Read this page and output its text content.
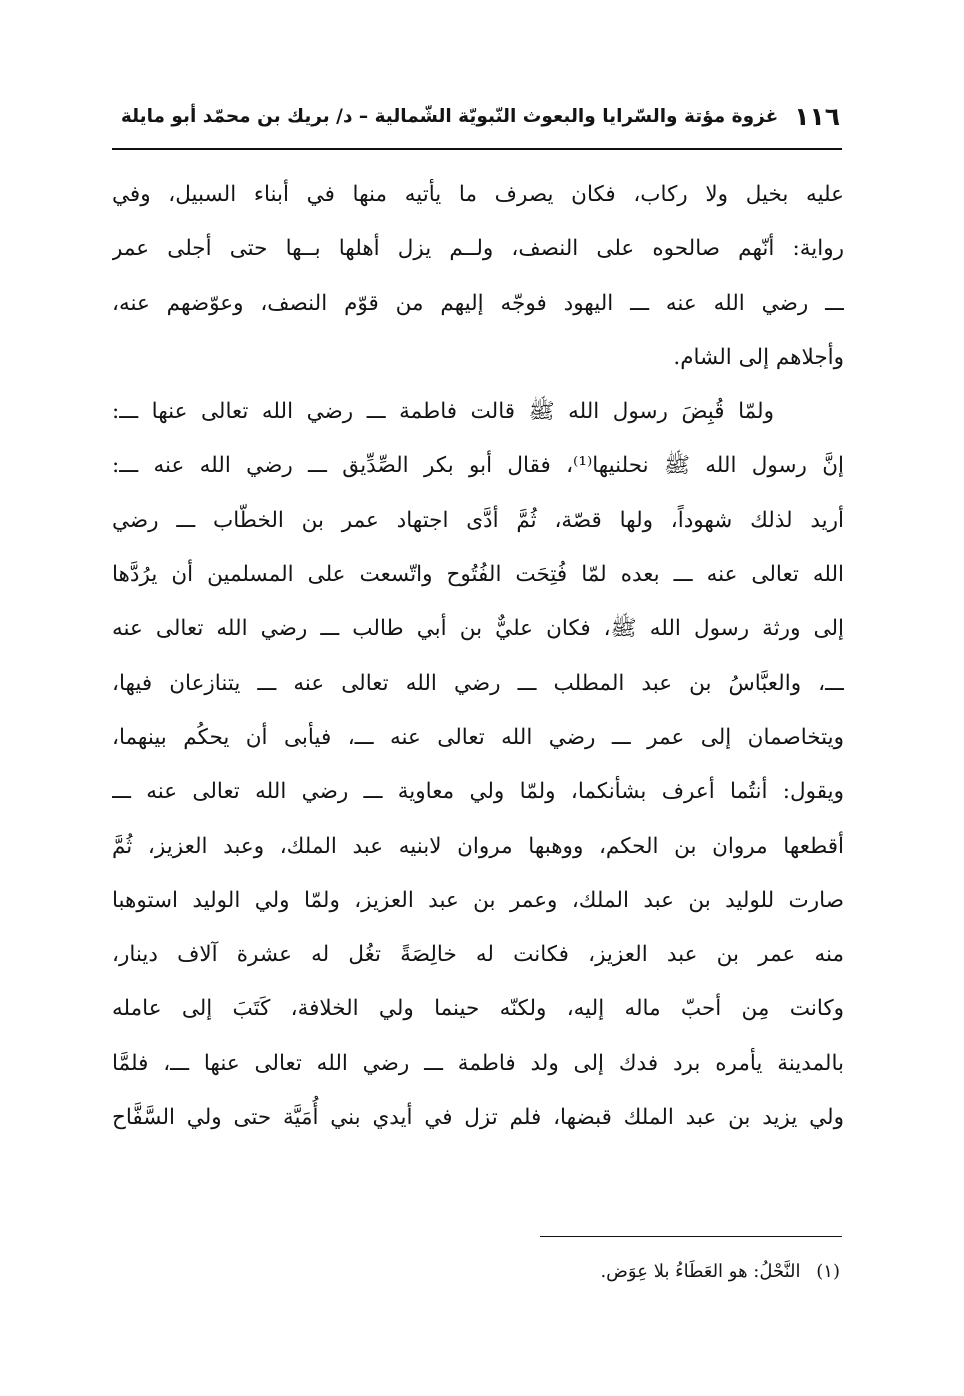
١١٦
غزوة مؤتة والسّرايا والبعوث النّبويّة الشّمالية – د/ بريك بن محمّد أبو مايلة
عليه بخيل ولا ركاب، فكان يصرف ما يأتيه منها في أبناء السبيل، وفي
رواية: أنّهم صالحوه على النصف، ولــم يزل أهلها بــها حتى أجلى عمر
ـــ رضي الله عنه ـــ اليهود فوجّه إليهم من قوّم النصف، وعوّضهم عنه،
وأجلاهم إلى الشام.
ولمّا قُبِضَ رسول الله ﷺ قالت فاطمة ـــ رضي الله تعالى عنها ـــ:
إنَّ رسول الله ﷺ نحلنيها⁽¹⁾، فقال أبو بكر الصِّدِّيق ـــ رضي الله عنه ـــ:
أريد لذلك شهوداً، ولها قصّة، ثُمَّ أدَّى اجتهاد عمر بن الخطّاب ـــ رضي
الله تعالى عنه ـــ بعده لمّا فُتِحَت الفُتُوح واتّسعت على المسلمين أن يرُدَّها
إلى ورثة رسول الله ﷺ، فكان عليٌّ بن أبي طالب ـــ رضي الله تعالى عنه
ـــ، والعبَّاسُ بن عبد المطلب ـــ رضي الله تعالى عنه ـــ يتنازعان فيها،
ويتخاصمان إلى عمر ـــ رضي الله تعالى عنه ـــ، فيأبى أن يحكُم بينهما،
ويقول: أنتُما أعرف بشأنكما، ولمّا ولي معاوية ـــ رضي الله تعالى عنه ـــ
أقطعها مروان بن الحكم، ووهبها مروان لابنيه عبد الملك، وعبد العزيز، ثُمَّ
صارت للوليد بن عبد الملك، وعمر بن عبد العزيز، ولمّا ولي الوليد استوهبا
منه عمر بن عبد العزيز، فكانت له خالِصَةً تغُل له عشرة آلاف دينار،
وكانت مِن أحبّ ماله إليه، ولكنّه حينما ولي الخلافة، كَتَبَ إلى عامله
بالمدينة يأمره برد فدك إلى ولد فاطمة ـــ رضي الله تعالى عنها ـــ، فلمَّا
ولي يزيد بن عبد الملك قبضها، فلم تزل في أيدي بني أُمَيَّة حتى ولي السَّفَّاح
(١) النَّحْلُ: هو العَطَاءُ بلا عِوَض.
